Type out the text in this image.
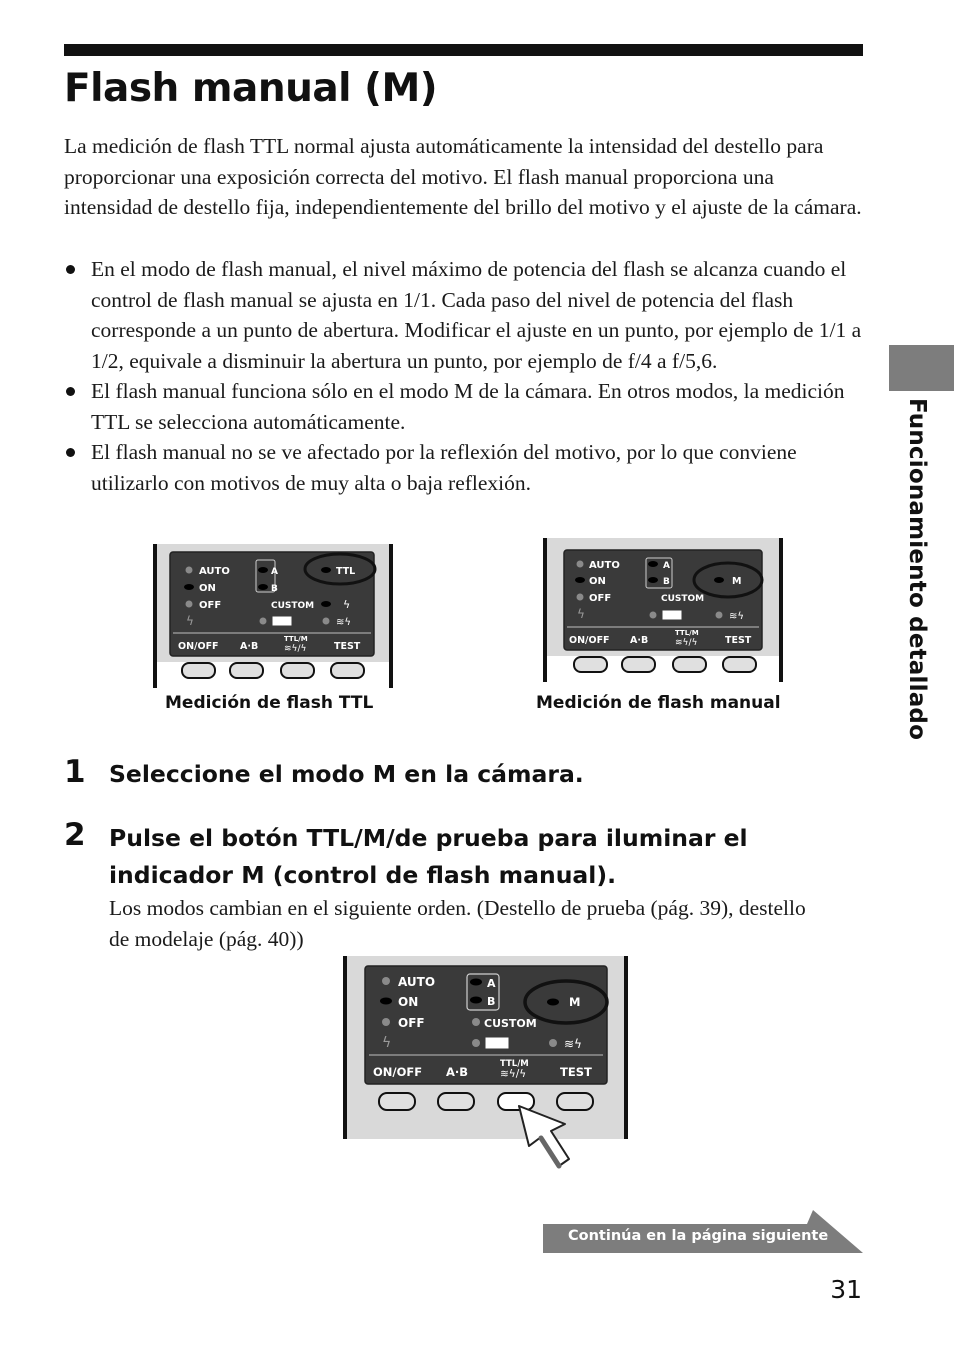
Flash manual (M)

La medición de flash TTL normal ajusta automáticamente la intensidad del destello para proporcionar una exposición correcta del motivo. El flash manual proporciona una intensidad de destello fija, independientemente del brillo del motivo y el ajuste de la cámara.

En el modo de flash manual, el nivel máximo de potencia del flash se alcanza cuando el control de flash manual se ajusta en 1/1. Cada paso del nivel de potencia del flash corresponde a un punto de abertura. Modificar el ajuste en un punto, por ejemplo de 1/1 a 1/2, equivale a disminuir la abertura un punto, por ejemplo de f/4 a f/5,6.
El flash manual funciona sólo en el modo M de la cámara. En otros modos, la medición TTL se selecciona automáticamente.
El flash manual no se ve afectado por la reflexión del motivo, por lo que conviene utilizarlo con motivos de muy alta o baja reflexión.	Funcionamiento detallado

AUTO
ON
OFF
ϟ
A
B
CUSTOM
TTL
ϟ
≋ϟ
ON/OFF A·B
TTL/M
≋ϟ/ϟ	TEST

Medición de flash TTL

AUTO
ON
OFF
ϟ
A
B
CUSTOM
M
≋ϟ
ON/OFF A·B
TTL/M
≋ϟ/ϟ	TEST

Medición de flash manual

1 Seleccione el modo M en la cámara.

2 Pulse el botón TTL/M/de prueba para iluminar el indicador M (control de flash manual).

Los modos cambian en el siguiente orden. (Destello de prueba (pág. 39), destello de modelaje (pág. 40))

AUTO
ON
OFF
ϟ
A
B
CUSTOM
M
≋ϟ
ON/OFF A·B
TTL/M
≋ϟ/ϟ	TEST

Continúa en la página siguiente

31
